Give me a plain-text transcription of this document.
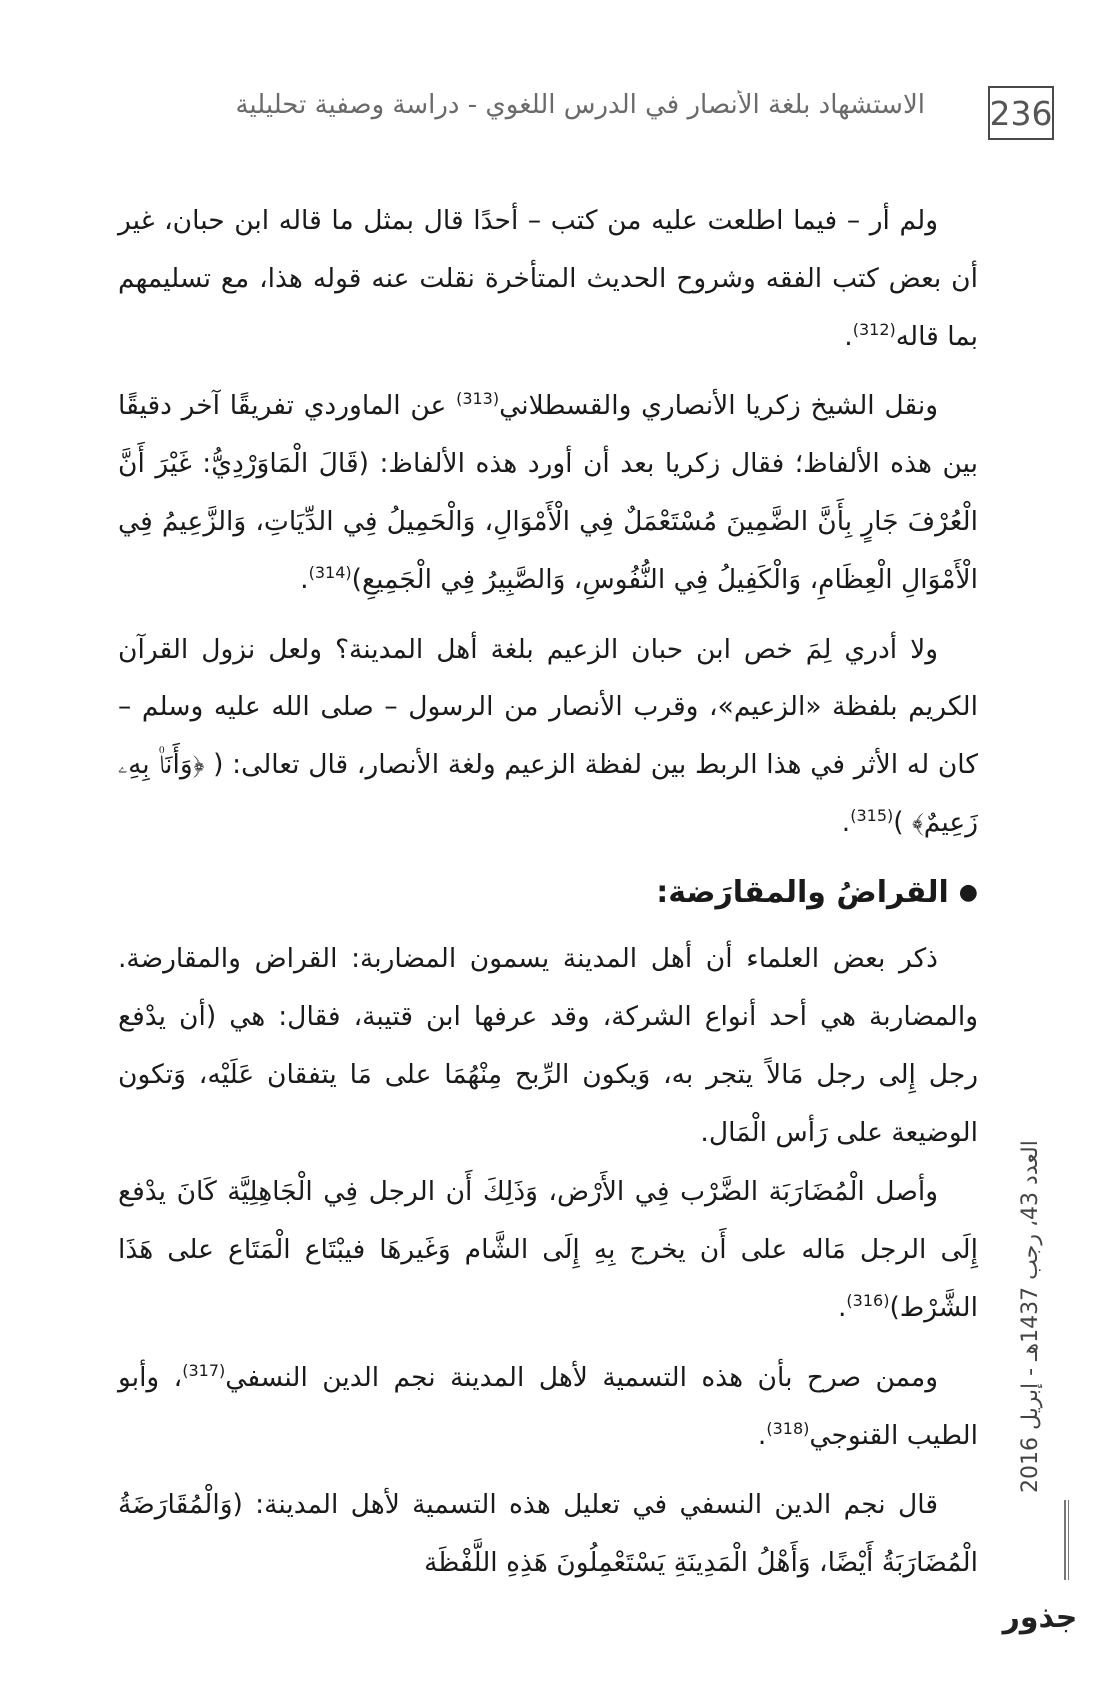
236
الاستشهاد بلغة الأنصار في الدرس اللغوي - دراسة وصفية تحليلية

ولم أر – فيما اطلعت عليه من كتب – أحدًا قال بمثل ما قاله ابن حبان، غير أن بعض كتب الفقه وشروح الحديث المتأخرة نقلت عنه قوله هذا، مع تسليمهم بما قاله$^{(312)}$.

ونقل الشيخ زكريا الأنصاري والقسطلاني$^{(313)}$ عن الماوردي تفريقًا آخر دقيقًا بين هذه الألفاظ؛ فقال زكريا بعد أن أورد هذه الألفاظ: (قَالَ الْمَاوَرْدِيُّ: غَيْرَ أَنَّ الْعُرْفَ جَارٍ بِأَنَّ الضَّمِينَ مُسْتَعْمَلٌ فِي الْأَمْوَالِ، وَالْحَمِيلُ فِي الدِّيَاتِ، وَالزَّعِيمُ فِي الْأَمْوَالِ الْعِظَامِ، وَالْكَفِيلُ فِي النُّفُوسِ، وَالصَّبِيرُ فِي الْجَمِيعِ)$^{(314)}$.

ولا أدري لِمَ خص ابن حبان الزعيم بلغة أهل المدينة؟ ولعل نزول القرآن الكريم بلفظة «الزعيم»، وقرب الأنصار من الرسول – صلى الله عليه وسلم – كان له الأثر في هذا الربط بين لفظة الزعيم ولغة الأنصار، قال تعالى: ( ﴿وَأَنَا۠ بِهِۦ زَعِيمٌ﴾ )$^{(315)}$.

●القراضُ والمقارَضة:

ذكر بعض العلماء أن أهل المدينة يسمون المضاربة: القراض والمقارضة. والمضاربة هي أحد أنواع الشركة، وقد عرفها ابن قتيبة، فقال: هي (أن يدْفع رجل إِلى رجل مَالاً يتجر به، وَيكون الرِّبح مِنْهُمَا على مَا يتفقان عَلَيْه، وَتكون الوضيعة على رَأس الْمَال.

وأصل الْمُضَارَبَة الضَّرْب فِي الأَرْض، وَذَلِكَ أَن الرجل فِي الْجَاهِلِيَّة كَانَ يدْفع إِلَى الرجل مَاله على أَن يخرج بِهِ إِلَى الشَّام وَغَيرهَا فيبْتَاع الْمَتَاع على هَذَا الشَّرْط)$^{(316)}$.

وممن صرح بأن هذه التسمية لأهل المدينة نجم الدين النسفي$^{(317)}$، وأبو الطيب القنوجي$^{(318)}$.

قال نجم الدين النسفي في تعليل هذه التسمية لأهل المدينة: (وَالْمُقَارَضَةُ الْمُضَارَبَةُ أَيْضًا، وَأَهْلُ الْمَدِينَةِ يَسْتَعْمِلُونَ هَذِهِ اللَّفْظَة

العدد 43، رجب 1437هـ - إبريل 2016
جذور
